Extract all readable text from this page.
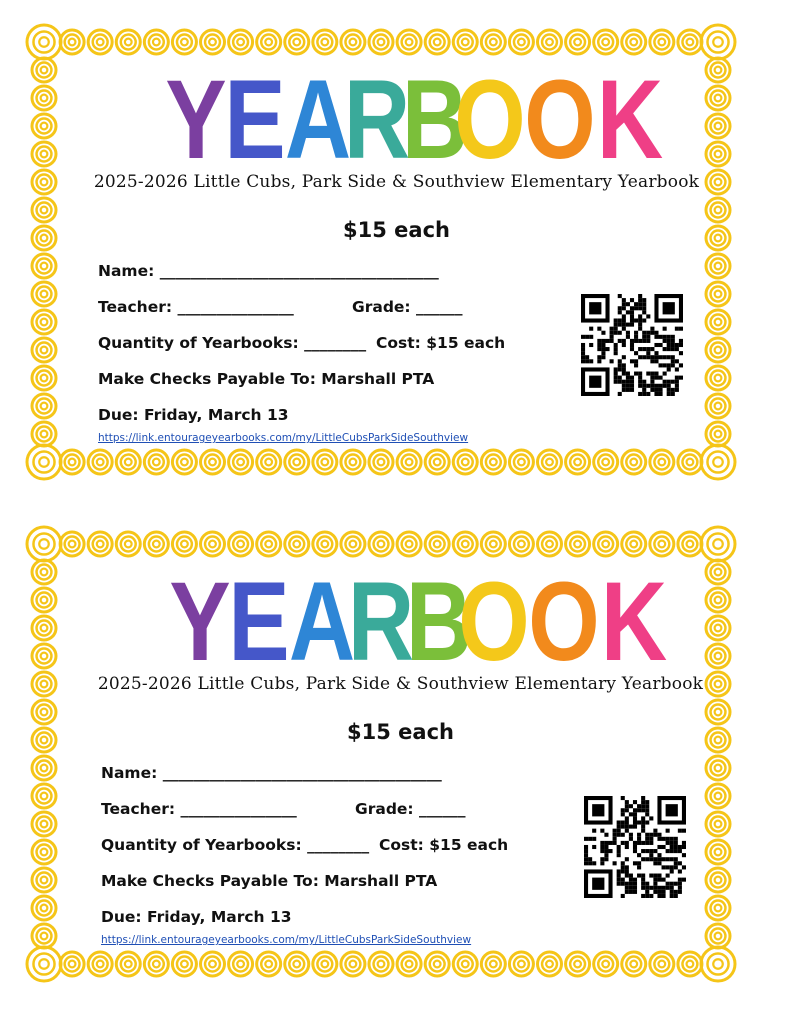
Y
E A
R
B
O
O K
2025-2026 Little Cubs, Park Side & Southview Elementary Yearbook
$15 each
Name: ____________________________________
Teacher: _______________	Grade: ______
Quantity of Yearbooks: ________ Cost: $15 each
Make Checks Payable To: Marshall PTA
Due: Friday, March 13
https://link.entourageyearbooks.com/my/LittleCubsParkSideSouthview
Y
E A
R
B
O
O K
2025-2026 Little Cubs, Park Side & Southview Elementary Yearbook
$15 each
Name: ____________________________________
Teacher: _______________	Grade: ______
Quantity of Yearbooks: ________ Cost: $15 each
Make Checks Payable To: Marshall PTA
Due: Friday, March 13
https://link.entourageyearbooks.com/my/LittleCubsParkSideSouthview
